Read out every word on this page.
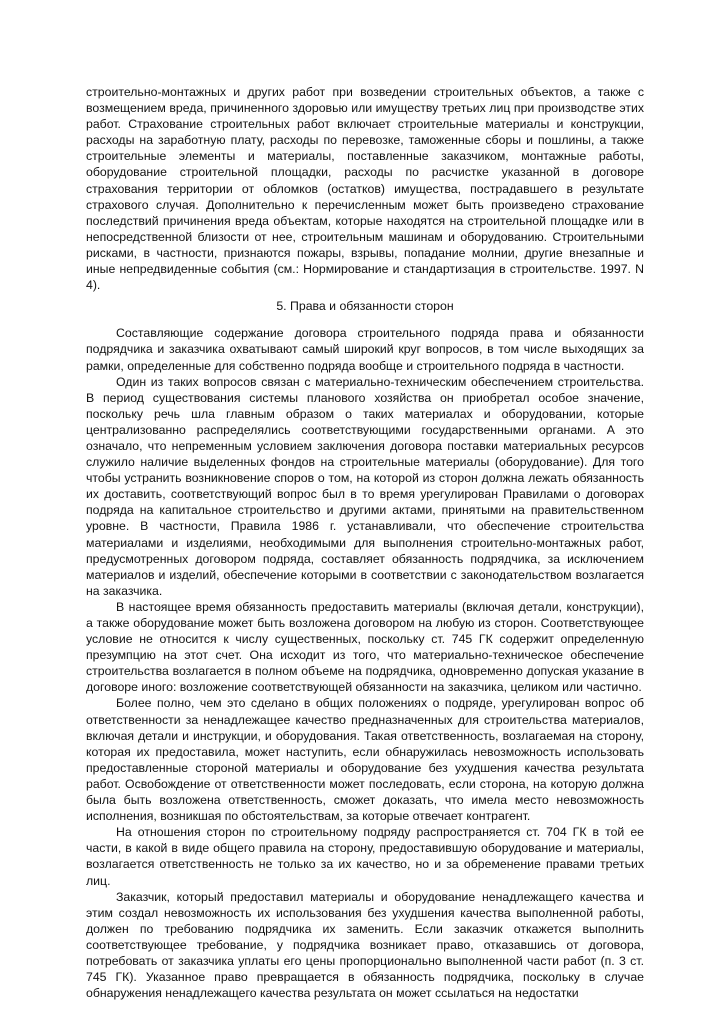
строительно-монтажных и других работ при возведении строительных объектов, а также с возмещением вреда, причиненного здоровью или имуществу третьих лиц при производстве этих работ. Страхование строительных работ включает строительные материалы и конструкции, расходы на заработную плату, расходы по перевозке, таможенные сборы и пошлины, а также строительные элементы и материалы, поставленные заказчиком, монтажные работы, оборудование строительной площадки, расходы по расчистке указанной в договоре страхования территории от обломков (остатков) имущества, пострадавшего в результате страхового случая. Дополнительно к перечисленным может быть произведено страхование последствий причинения вреда объектам, которые находятся на строительной площадке или в непосредственной близости от нее, строительным машинам и оборудованию. Строительными рисками, в частности, признаются пожары, взрывы, попадание молнии, другие внезапные и иные непредвиденные события (см.: Нормирование и стандартизация в строительстве. 1997. N 4).

5. Права и обязанности сторон

Составляющие содержание договора строительного подряда права и обязанности подрядчика и заказчика охватывают самый широкий круг вопросов, в том числе выходящих за рамки, определенные для собственно подряда вообще и строительного подряда в частности.

Один из таких вопросов связан с материально-техническим обеспечением строительства. В период существования системы планового хозяйства он приобретал особое значение, поскольку речь шла главным образом о таких материалах и оборудовании, которые централизованно распределялись соответствующими государственными органами. А это означало, что непременным условием заключения договора поставки материальных ресурсов служило наличие выделенных фондов на строительные материалы (оборудование). Для того чтобы устранить возникновение споров о том, на которой из сторон должна лежать обязанность их доставить, соответствующий вопрос был в то время урегулирован Правилами о договорах подряда на капитальное строительство и другими актами, принятыми на правительственном уровне. В частности, Правила 1986 г. устанавливали, что обеспечение строительства материалами и изделиями, необходимыми для выполнения строительно-монтажных работ, предусмотренных договором подряда, составляет обязанность подрядчика, за исключением материалов и изделий, обеспечение которыми в соответствии с законодательством возлагается на заказчика.

В настоящее время обязанность предоставить материалы (включая детали, конструкции), а также оборудование может быть возложена договором на любую из сторон. Соответствующее условие не относится к числу существенных, поскольку ст. 745 ГК содержит определенную презумпцию на этот счет. Она исходит из того, что материально-техническое обеспечение строительства возлагается в полном объеме на подрядчика, одновременно допуская указание в договоре иного: возложение соответствующей обязанности на заказчика, целиком или частично.

Более полно, чем это сделано в общих положениях о подряде, урегулирован вопрос об ответственности за ненадлежащее качество предназначенных для строительства материалов, включая детали и инструкции, и оборудования. Такая ответственность, возлагаемая на сторону, которая их предоставила, может наступить, если обнаружилась невозможность использовать предоставленные стороной материалы и оборудование без ухудшения качества результата работ. Освобождение от ответственности может последовать, если сторона, на которую должна была быть возложена ответственность, сможет доказать, что имела место невозможность исполнения, возникшая по обстоятельствам, за которые отвечает контрагент.

На отношения сторон по строительному подряду распространяется ст. 704 ГК в той ее части, в какой в виде общего правила на сторону, предоставившую оборудование и материалы, возлагается ответственность не только за их качество, но и за обременение правами третьих лиц.

Заказчик, который предоставил материалы и оборудование ненадлежащего качества и этим создал невозможность их использования без ухудшения качества выполненной работы, должен по требованию подрядчика их заменить. Если заказчик откажется выполнить соответствующее требование, у подрядчика возникает право, отказавшись от договора, потребовать от заказчика уплаты его цены пропорционально выполненной части работ (п. 3 ст. 745 ГК). Указанное право превращается в обязанность подрядчика, поскольку в случае обнаружения ненадлежащего качества результата он может ссылаться на недостатки
